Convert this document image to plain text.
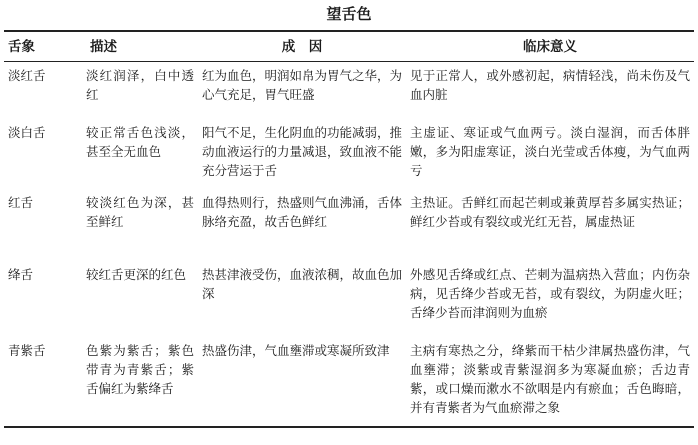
望舌色
舌象	描述	成　因	临床意义

淡红舌	淡红润泽，白中透红	红为血色，明润如帛为胃气之华，为心气充足，胃气旺盛	见于正常人，或外感初起，病情轻浅，尚未伤及气血内脏

淡白舌	较正常舌色浅淡，甚至全无血色	阳气不足，生化阴血的功能减弱，推动血液运行的力量减退，致血液不能充分营运于舌	主虚证、寒证或气血两亏。淡白湿润，而舌体胖嫩，多为阳虚寒证，淡白光莹或舌体瘦，为气血两亏

红舌	较淡红色为深，甚至鲜红	血得热则行，热盛则气血沸涌，舌体脉络充盈，故舌色鲜红	主热证。舌鲜红而起芒刺或兼黄厚苔多属实热证；鲜红少苔或有裂纹或光红无苔，属虚热证

绛舌	较红舌更深的红色	热甚津液受伤，血液浓稠，故血色加深	外感见舌绛或红点、芒刺为温病热入营血；内伤杂病，见舌绛少苔或无苔，或有裂纹，为阴虚火旺；舌绛少苔而津润则为血瘀

青紫舌	色紫为紫舌；紫色带青为青紫舌；紫舌偏红为紫绛舌	热盛伤津，气血壅滞或寒凝所致津	主病有寒热之分，绛紫而干枯少津属热盛伤津，气血壅滞；淡紫或青紫湿润多为寒凝血瘀；舌边青紫，或口燥而漱水不欲咽是内有瘀血；舌色晦暗，并有青紫者为气血瘀滞之象
